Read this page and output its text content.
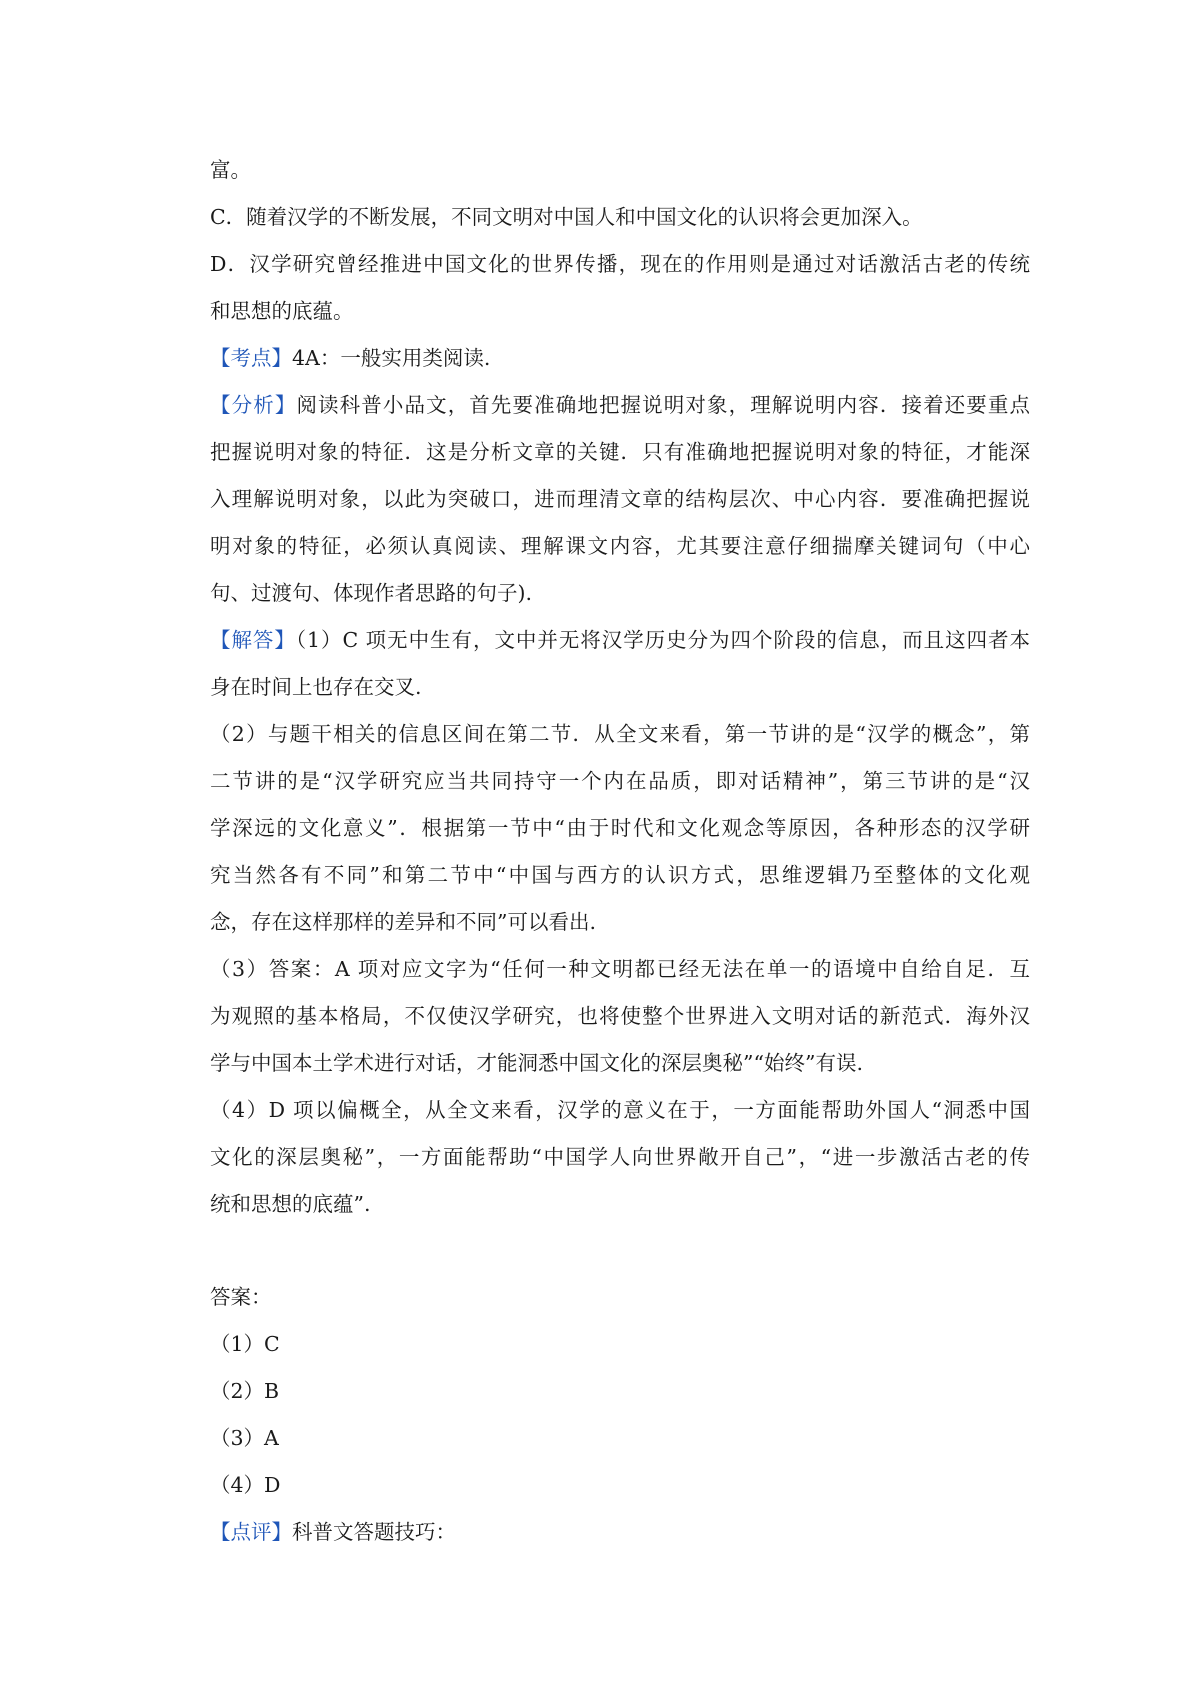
富。
C．随着汉学的不断发展，不同文明对中国人和中国文化的认识将会更加深入。
D．汉学研究曾经推进中国文化的世界传播，现在的作用则是通过对话激活古老的传统
和思想的底蕴。
【考点】4A：一般实用类阅读.
【分析】阅读科普小品文，首先要准确地把握说明对象，理解说明内容．接着还要重点
把握说明对象的特征．这是分析文章的关键．只有准确地把握说明对象的特征，才能深
入理解说明对象，以此为突破口，进而理清文章的结构层次、中心内容．要准确把握说
明对象的特征，必须认真阅读、理解课文内容，尤其要注意仔细揣摩关键词句（中心
句、过渡句、体现作者思路的句子).
【解答】（1）C 项无中生有，文中并无将汉学历史分为四个阶段的信息，而且这四者本
身在时间上也存在交叉.
（2）与题干相关的信息区间在第二节．从全文来看，第一节讲的是“汉学的概念”，第
二节讲的是“汉学研究应当共同持守一个内在品质，即对话精神”，第三节讲的是“汉
学深远的文化意义”．根据第一节中“由于时代和文化观念等原因，各种形态的汉学研
究当然各有不同”和第二节中“中国与西方的认识方式，思维逻辑乃至整体的文化观
念，存在这样那样的差异和不同”可以看出.
（3）答案：A 项对应文字为“任何一种文明都已经无法在单一的语境中自给自足．互
为观照的基本格局，不仅使汉学研究，也将使整个世界进入文明对话的新范式．海外汉
学与中国本土学术进行对话，才能洞悉中国文化的深层奥秘”“始终”有误.
（4）D 项以偏概全，从全文来看，汉学的意义在于，一方面能帮助外国人“洞悉中国
文化的深层奥秘”，一方面能帮助“中国学人向世界敞开自己”，“进一步激活古老的传
统和思想的底蕴”.
答案：
（1）C
（2）B
（3）A
（4）D
【点评】科普文答题技巧：
